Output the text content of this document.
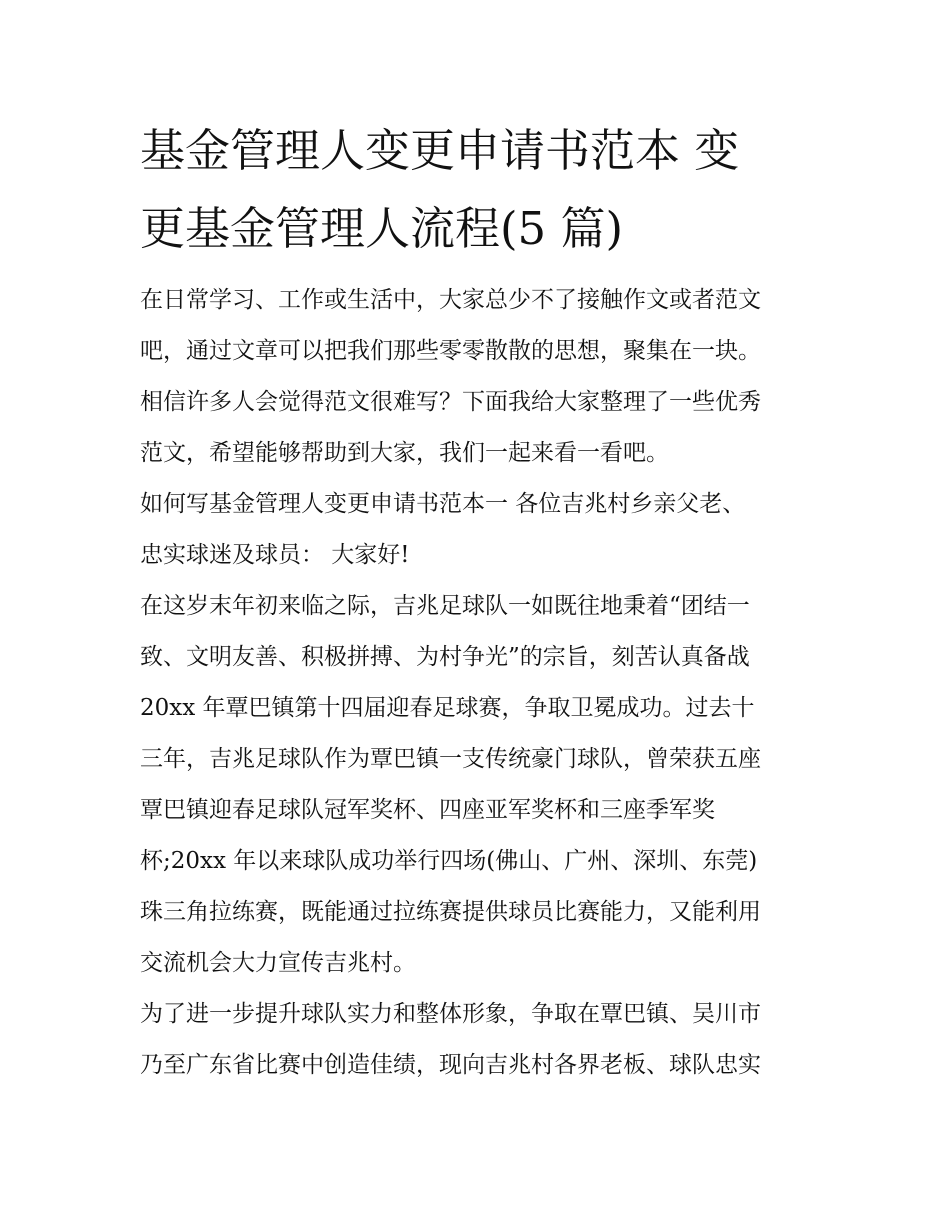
基金管理人变更申请书范本 变
更基金管理人流程(5 篇)
在日常学习、工作或生活中，大家总少不了接触作文或者范文
吧，通过文章可以把我们那些零零散散的思想，聚集在一块。
相信许多人会觉得范文很难写？下面我给大家整理了一些优秀
范文，希望能够帮助到大家，我们一起来看一看吧。
如何写基金管理人变更申请书范本一 各位吉兆村乡亲父老、
忠实球迷及球员： 大家好!
在这岁末年初来临之际，吉兆足球队一如既往地秉着“团结一
致、文明友善、积极拼搏、为村争光”的宗旨，刻苦认真备战
20xx 年覃巴镇第十四届迎春足球赛，争取卫冕成功。过去十
三年，吉兆足球队作为覃巴镇一支传统豪门球队，曾荣获五座
覃巴镇迎春足球队冠军奖杯、四座亚军奖杯和三座季军奖
杯;20xx 年以来球队成功举行四场(佛山、广州、深圳、东莞)
珠三角拉练赛，既能通过拉练赛提供球员比赛能力，又能利用
交流机会大力宣传吉兆村。
为了进一步提升球队实力和整体形象，争取在覃巴镇、吴川市
乃至广东省比赛中创造佳绩，现向吉兆村各界老板、球队忠实
